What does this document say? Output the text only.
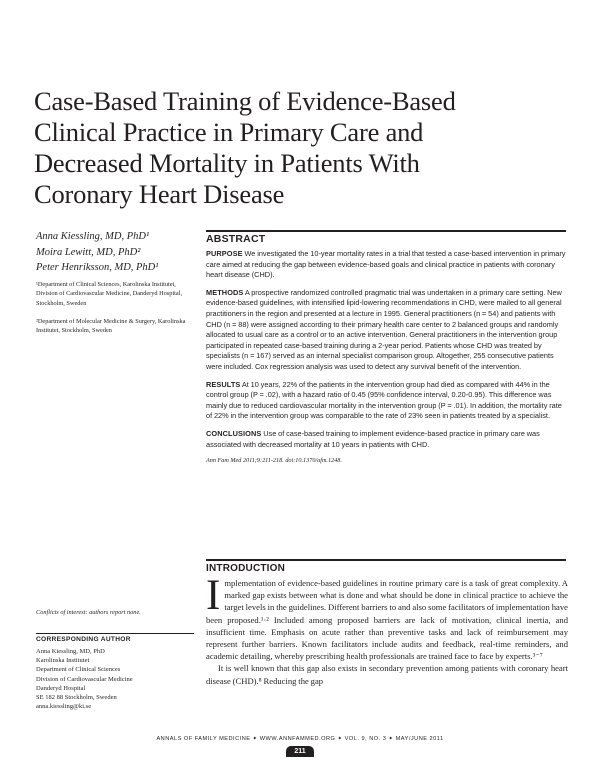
Case-Based Training of Evidence-Based Clinical Practice in Primary Care and Decreased Mortality in Patients With Coronary Heart Disease
Anna Kiessling, MD, PhD¹
Moira Lewitt, MD, PhD²
Peter Henriksson, MD, PhD¹
¹Department of Clinical Sciences, Karolinska Institutet, Division of Cardiovascular Medicine, Danderyd Hospital, Stockholm, Sweden
²Department of Molecular Medicine & Surgery, Karolinska Institutet, Stockholm, Sweden
ABSTRACT

PURPOSE We investigated the 10-year mortality rates in a trial that tested a case-based intervention in primary care aimed at reducing the gap between evidence-based goals and clinical practice in patients with coronary heart disease (CHD).

METHODS A prospective randomized controlled pragmatic trial was undertaken in a primary care setting. New evidence-based guidelines, with intensified lipid-lowering recommendations in CHD, were mailed to all general practitioners in the region and presented at a lecture in 1995. General practitioners (n = 54) and patients with CHD (n = 88) were assigned according to their primary health care center to 2 balanced groups and randomly allocated to usual care as a control or to an active intervention. General practitioners in the intervention group participated in repeated case-based training during a 2-year period. Patients whose CHD was treated by specialists (n = 167) served as an internal specialist comparison group. Altogether, 255 consecutive patients were included. Cox regression analysis was used to detect any survival benefit of the intervention.

RESULTS At 10 years, 22% of the patients in the intervention group had died as compared with 44% in the control group (P = .02), with a hazard ratio of 0.45 (95% confidence interval, 0.20-0.95). This difference was mainly due to reduced cardiovascular mortality in the intervention group (P = .01). In addition, the mortality rate of 22% in the intervention group was comparable to the rate of 23% seen in patients treated by a specialist.

CONCLUSIONS Use of case-based training to implement evidence-based practice in primary care was associated with decreased mortality at 10 years in patients with CHD.

Ann Fam Med 2011;9:211-218. doi:10.1370/afm.1248.

INTRODUCTION

Implementation of evidence-based guidelines in routine primary care is a task of great complexity. A marked gap exists between what is done and what should be done in clinical practice to achieve the target levels in the guidelines. Different barriers to and also some facilitators of implementation have been proposed.¹·² Included among proposed barriers are lack of motivation, clinical inertia, and insufficient time. Emphasis on acute rather than preventive tasks and lack of reimbursement may represent further barriers. Known facilitators include audits and feedback, real-time reminders, and academic detailing, whereby prescribing health professionals are trained face to face by experts.³⁻⁷

It is well known that this gap also exists in secondary prevention among patients with coronary heart disease (CHD).⁸ Reducing the gap

Conflicts of interest: authors report none.
CORRESPONDING AUTHOR
Anna Kiessling, MD, PhD
Karolinska Institutet
Department of Clinical Sciences
Division of Cardiovascular Medicine
Danderyd Hospital
SE 182 88 Stockholm, Sweden
anna.kiessling@ki.se
ANNALS OF FAMILY MEDICINE ✦ WWW.ANNFAMMED.ORG ✦ VOL. 9, NO. 3 ✦ MAY/JUNE 2011
211
